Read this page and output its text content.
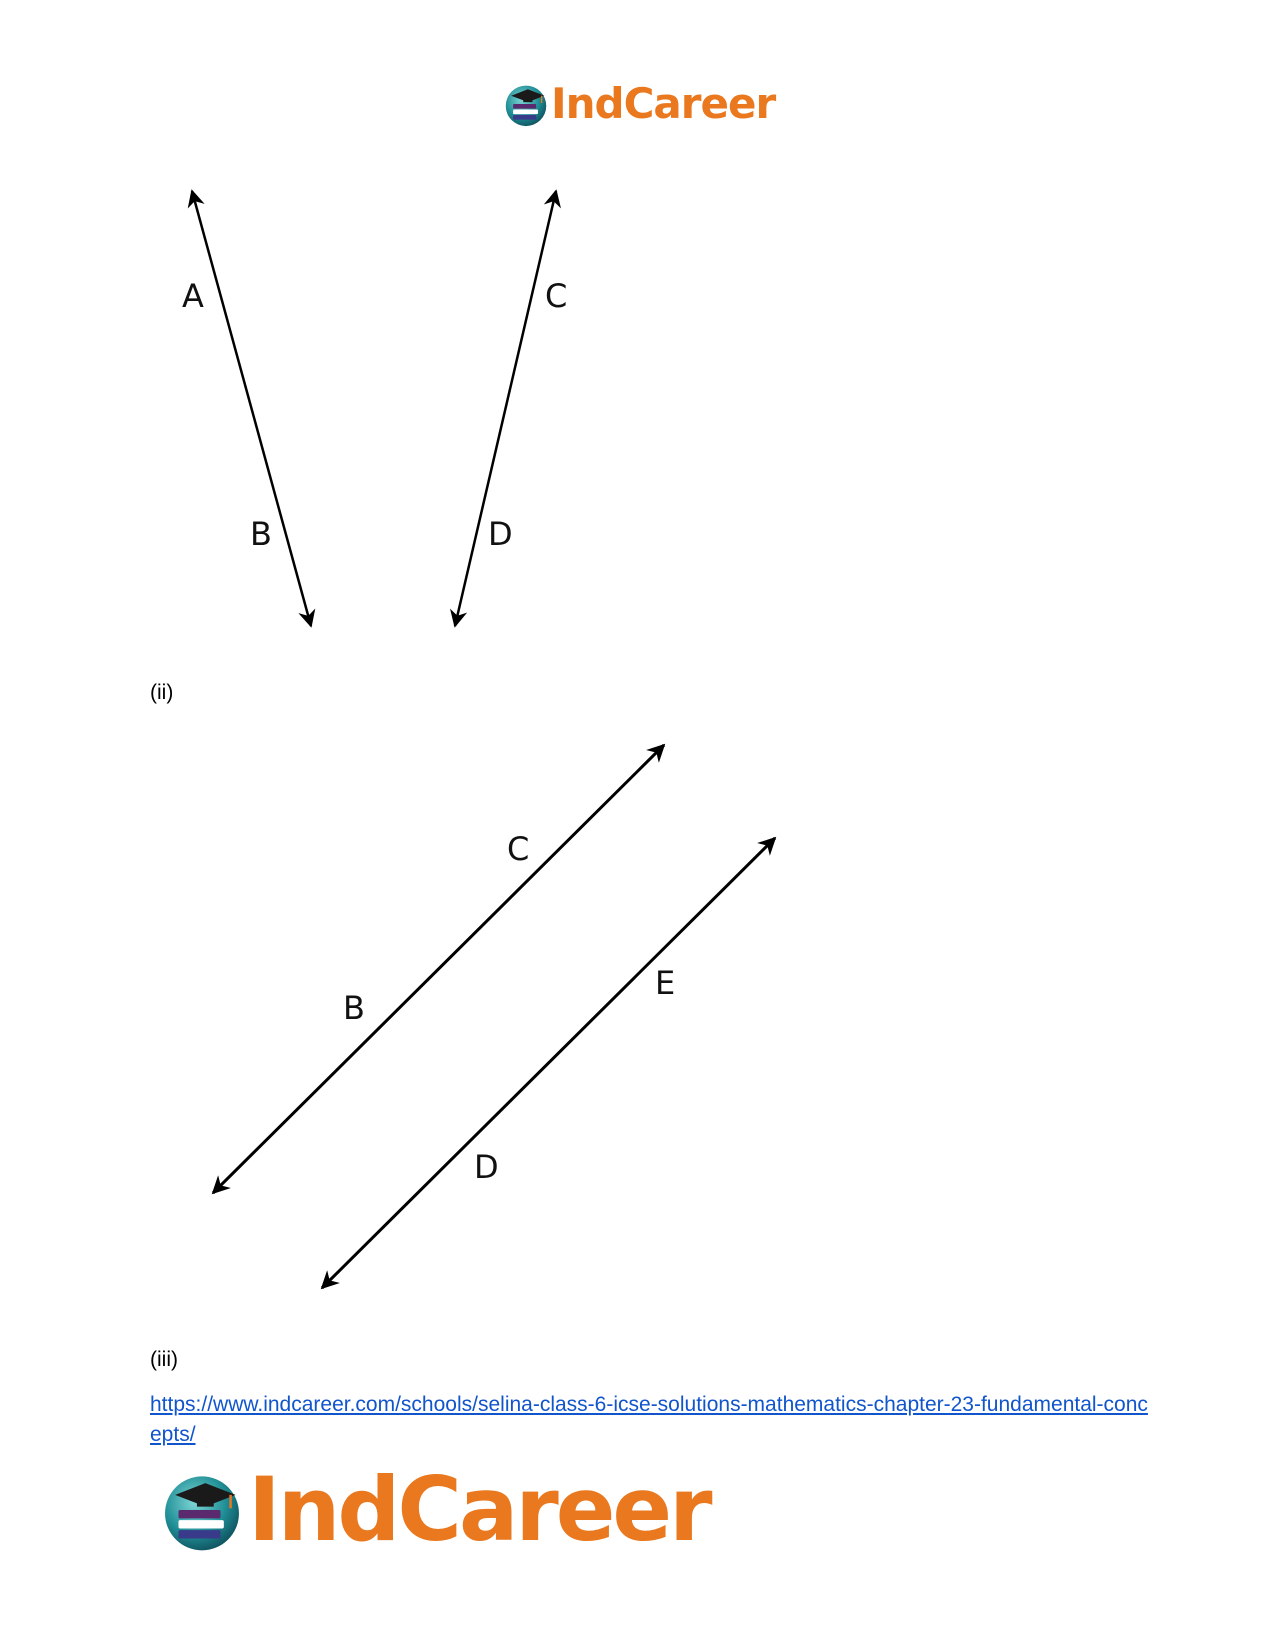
IndCareer
A
B
C
D
(ii)
C
B
E
D
(iii)
https://www.indcareer.com/schools/selina-class-6-icse-solutions-mathematics-chapter-23-fundamental-concepts/
IndCareer
